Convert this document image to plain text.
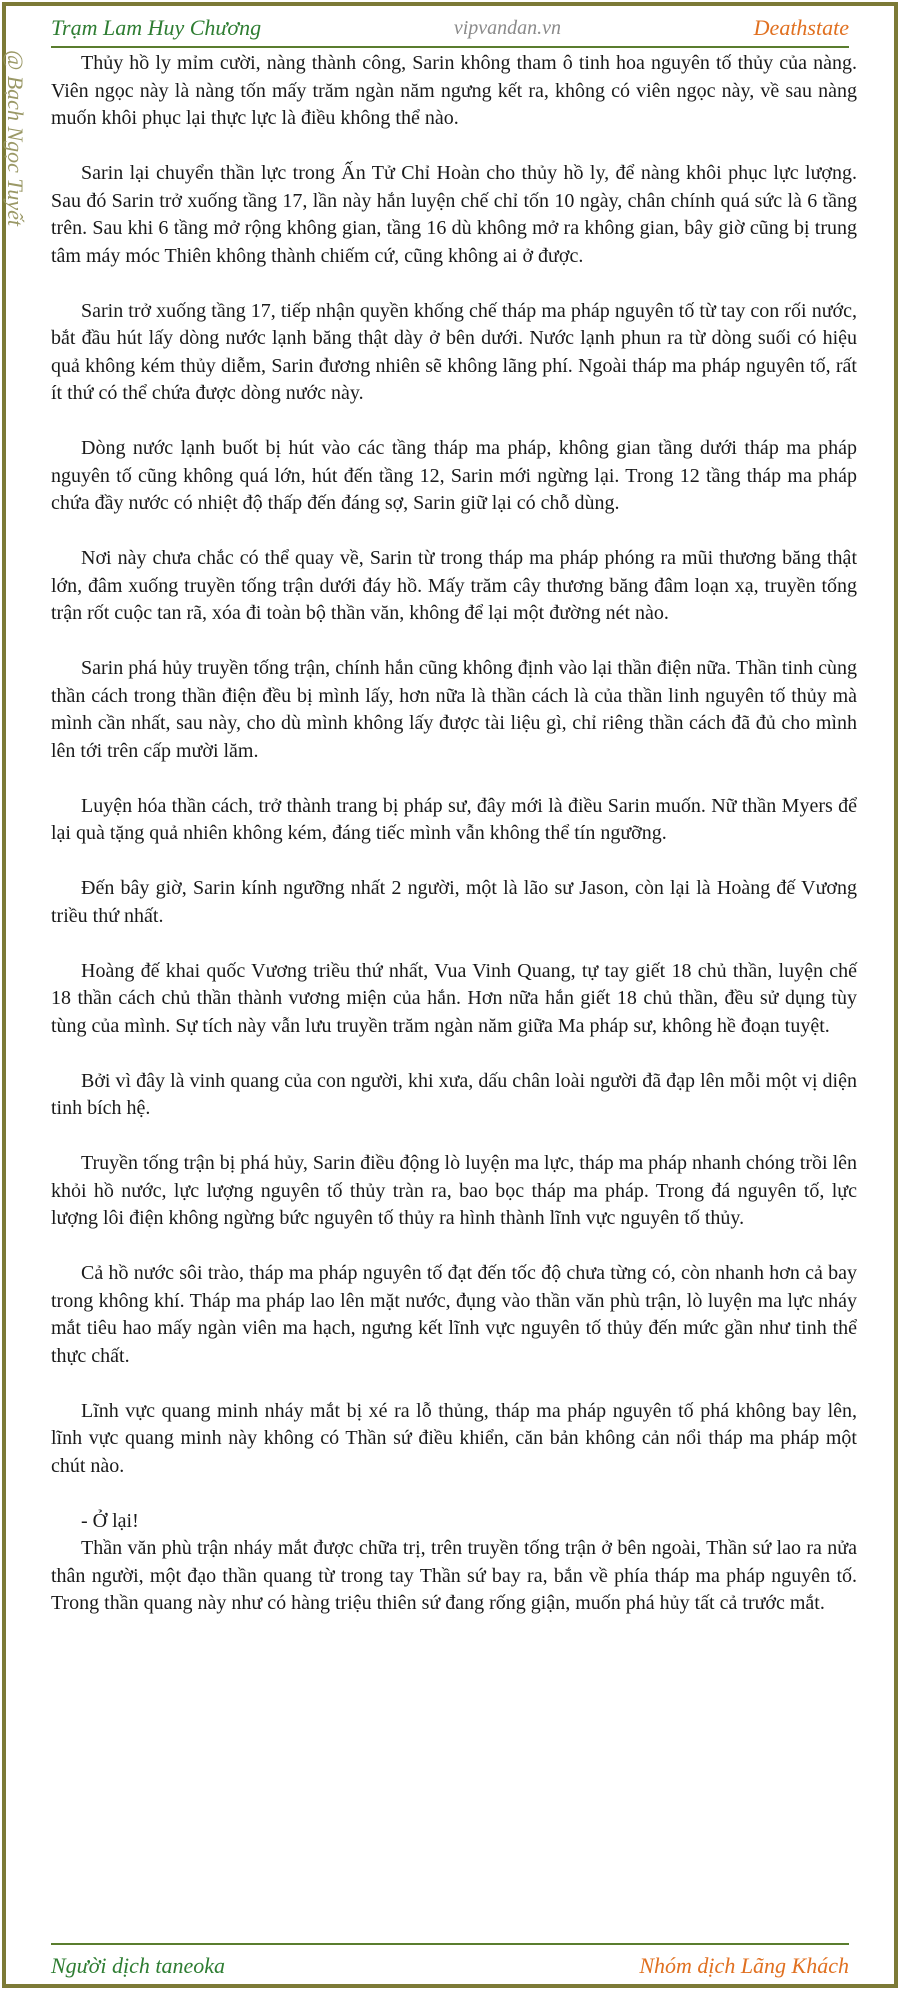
Trạm Lam Huy Chương	vipvandan.vn	Deathstate
@ Bạch Ngọc Tuyết	Thủy hồ ly mỉm cười, nàng thành công, Sarin không tham ô tinh hoa nguyên tố thủy của nàng. Viên ngọc này là nàng tốn mấy trăm ngàn năm ngưng kết ra, không có viên ngọc này, về sau nàng muốn khôi phục lại thực lực là điều không thể nào.

Sarin lại chuyển thần lực trong Ấn Tử Chỉ Hoàn cho thủy hồ ly, để nàng khôi phục lực lượng. Sau đó Sarin trở xuống tầng 17, lần này hắn luyện chế chỉ tốn 10 ngày, chân chính quá sức là 6 tầng trên. Sau khi 6 tầng mở rộng không gian, tầng 16 dù không mở ra không gian, bây giờ cũng bị trung tâm máy móc Thiên không thành chiếm cứ, cũng không ai ở được.

Sarin trở xuống tầng 17, tiếp nhận quyền khống chế tháp ma pháp nguyên tố từ tay con rối nước, bắt đầu hút lấy dòng nước lạnh băng thật dày ở bên dưới. Nước lạnh phun ra từ dòng suối có hiệu quả không kém thủy diễm, Sarin đương nhiên sẽ không lãng phí. Ngoài tháp ma pháp nguyên tố, rất ít thứ có thể chứa được dòng nước này.

Dòng nước lạnh buốt bị hút vào các tầng tháp ma pháp, không gian tầng dưới tháp ma pháp nguyên tố cũng không quá lớn, hút đến tầng 12, Sarin mới ngừng lại. Trong 12 tầng tháp ma pháp chứa đầy nước có nhiệt độ thấp đến đáng sợ, Sarin giữ lại có chỗ dùng.

Nơi này chưa chắc có thể quay về, Sarin từ trong tháp ma pháp phóng ra mũi thương băng thật lớn, đâm xuống truyền tống trận dưới đáy hồ. Mấy trăm cây thương băng đâm loạn xạ, truyền tống trận rốt cuộc tan rã, xóa đi toàn bộ thần văn, không để lại một đường nét nào.

Sarin phá hủy truyền tống trận, chính hắn cũng không định vào lại thần điện nữa. Thần tinh cùng thần cách trong thần điện đều bị mình lấy, hơn nữa là thần cách là của thần linh nguyên tố thủy mà mình cần nhất, sau này, cho dù mình không lấy được tài liệu gì, chỉ riêng thần cách đã đủ cho mình lên tới trên cấp mười lăm.

Luyện hóa thần cách, trở thành trang bị pháp sư, đây mới là điều Sarin muốn. Nữ thần Myers để lại quà tặng quả nhiên không kém, đáng tiếc mình vẫn không thể tín ngưỡng.

Đến bây giờ, Sarin kính ngưỡng nhất 2 người, một là lão sư Jason, còn lại là Hoàng đế Vương triều thứ nhất.

Hoàng đế khai quốc Vương triều thứ nhất, Vua Vinh Quang, tự tay giết 18 chủ thần, luyện chế 18 thần cách chủ thần thành vương miện của hắn. Hơn nữa hắn giết 18 chủ thần, đều sử dụng tùy tùng của mình. Sự tích này vẫn lưu truyền trăm ngàn năm giữa Ma pháp sư, không hề đoạn tuyệt.

Bởi vì đây là vinh quang của con người, khi xưa, dấu chân loài người đã đạp lên mỗi một vị diện tinh bích hệ.

Truyền tống trận bị phá hủy, Sarin điều động lò luyện ma lực, tháp ma pháp nhanh chóng trồi lên khỏi hồ nước, lực lượng nguyên tố thủy tràn ra, bao bọc tháp ma pháp. Trong đá nguyên tố, lực lượng lôi điện không ngừng bức nguyên tố thủy ra hình thành lĩnh vực nguyên tố thủy.

Cả hồ nước sôi trào, tháp ma pháp nguyên tố đạt đến tốc độ chưa từng có, còn nhanh hơn cả bay trong không khí. Tháp ma pháp lao lên mặt nước, đụng vào thần văn phù trận, lò luyện ma lực nháy mắt tiêu hao mấy ngàn viên ma hạch, ngưng kết lĩnh vực nguyên tố thủy đến mức gần như tinh thể thực chất.

Lĩnh vực quang minh nháy mắt bị xé ra lỗ thủng, tháp ma pháp nguyên tố phá không bay lên, lĩnh vực quang minh này không có Thần sứ điều khiển, căn bản không cản nổi tháp ma pháp một chút nào.

- Ở lại!

Thần văn phù trận nháy mắt được chữa trị, trên truyền tống trận ở bên ngoài, Thần sứ lao ra nửa thân người, một đạo thần quang từ trong tay Thần sứ bay ra, bắn về phía tháp ma pháp nguyên tố. Trong thần quang này như có hàng triệu thiên sứ đang rống giận, muốn phá hủy tất cả trước mắt.

Người dịch taneoka	Nhóm dịch Lãng Khách
